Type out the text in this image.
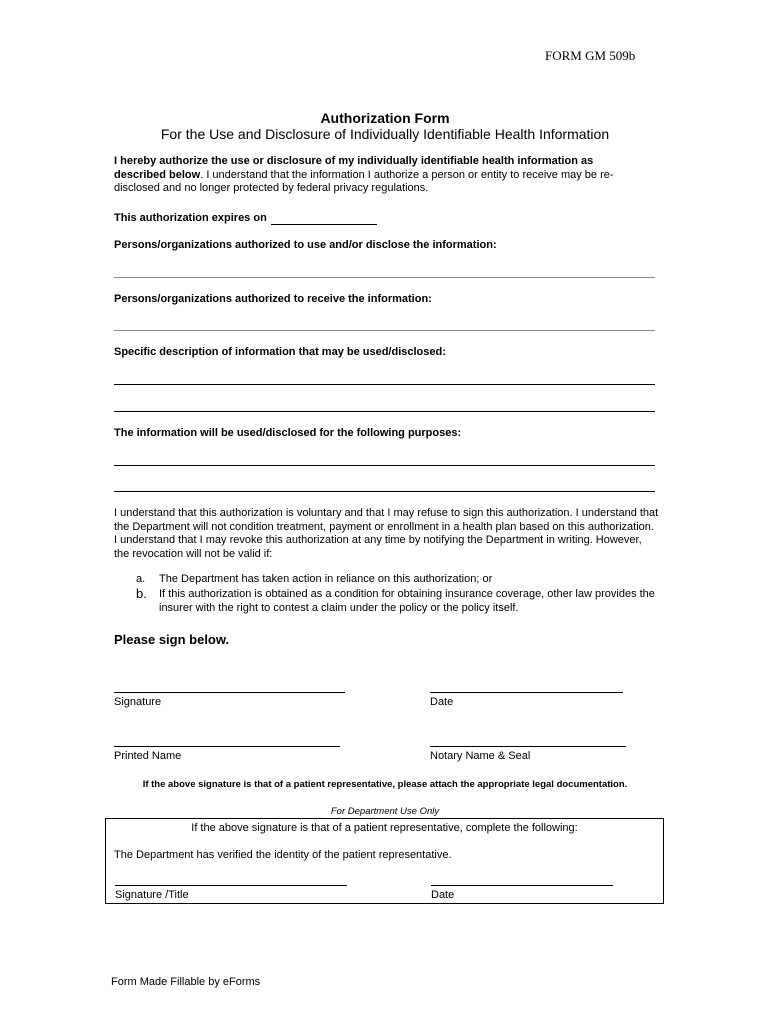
FORM GM 509b
Authorization Form
For the Use and Disclosure of Individually Identifiable Health Information
I hereby authorize the use or disclosure of my individually identifiable health information as described below. I understand that the information I authorize a person or entity to receive may be re-disclosed and no longer protected by federal privacy regulations.
This authorization expires on
Persons/organizations authorized to use and/or disclose the information:
Persons/organizations authorized to receive the information:
Specific description of information that may be used/disclosed:
The information will be used/disclosed for the following purposes:
I understand that this authorization is voluntary and that I may refuse to sign this authorization. I understand that the Department will not condition treatment, payment or enrollment in a health plan based on this authorization. I understand that I may revoke this authorization at any time by notifying the Department in writing. However, the revocation will not be valid if:
a. The Department has taken action in reliance on this authorization; or
b. If this authorization is obtained as a condition for obtaining insurance coverage, other law provides the insurer with the right to contest a claim under the policy or the policy itself.
Please sign below.
Signature	Date
Printed Name	Notary Name & Seal
If the above signature is that of a patient representative, please attach the appropriate legal documentation.
For Department Use Only
If the above signature is that of a patient representative, complete the following:
The Department has verified the identity of the patient representative.
Signature /Title	Date
Form Made Fillable by eForms
